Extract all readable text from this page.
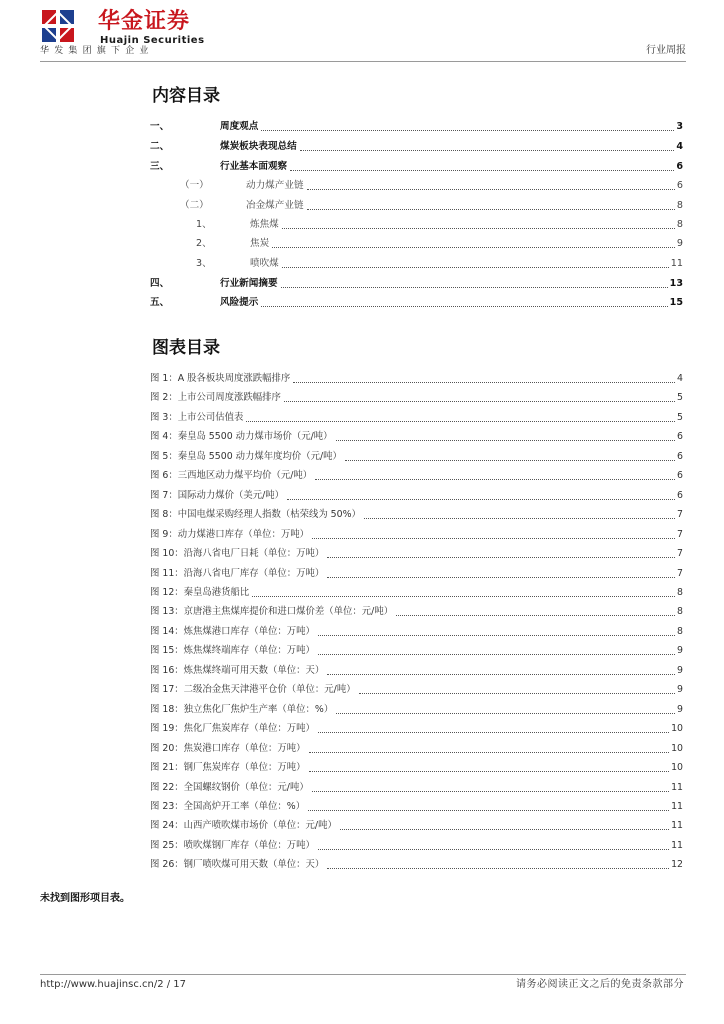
华金证券
Huajin Securities
华发集团旗下企业	行业周报
内容目录
一、	周度观点	3
二、	煤炭板块表现总结	4
三、	行业基本面观察	6
（一）	动力煤产业链	6
（二）	冶金煤产业链	8
1、	炼焦煤	8
2、	焦炭	9
3、	喷吹煤	11
四、	行业新闻摘要	13
五、	风险提示	15
图表目录
图 1：A 股各板块周度涨跌幅排序	4
图 2：上市公司周度涨跌幅排序	5
图 3：上市公司估值表	5
图 4：秦皇岛 5500 动力煤市场价（元/吨）	6
图 5：秦皇岛 5500 动力煤年度均价（元/吨）	6
图 6：三西地区动力煤平均价（元/吨）	6
图 7：国际动力煤价（美元/吨）	6
图 8：中国电煤采购经理人指数（枯荣线为 50%）	7
图 9：动力煤港口库存（单位：万吨）	7
图 10：沿海八省电厂日耗（单位：万吨）	7
图 11：沿海八省电厂库存（单位：万吨）	7
图 12：秦皇岛港货船比	8
图 13：京唐港主焦煤库提价和进口煤价差（单位：元/吨）	8
图 14：炼焦煤港口库存（单位：万吨）	8
图 15：炼焦煤终端库存（单位：万吨）	9
图 16：炼焦煤终端可用天数（单位：天）	9
图 17：二级冶金焦天津港平仓价（单位：元/吨）	9
图 18：独立焦化厂焦炉生产率（单位：%）	9
图 19：焦化厂焦炭库存（单位：万吨）	10
图 20：焦炭港口库存（单位：万吨）	10
图 21：钢厂焦炭库存（单位：万吨）	10
图 22：全国螺纹钢价（单位：元/吨）	11
图 23：全国高炉开工率（单位：%）	11
图 24：山西产喷吹煤市场价（单位：元/吨）	11
图 25：喷吹煤钢厂库存（单位：万吨）	11
图 26：钢厂喷吹煤可用天数（单位：天）	12
未找到图形项目表。
http://www.huajinsc.cn/2 / 17	请务必阅读正文之后的免责条款部分
